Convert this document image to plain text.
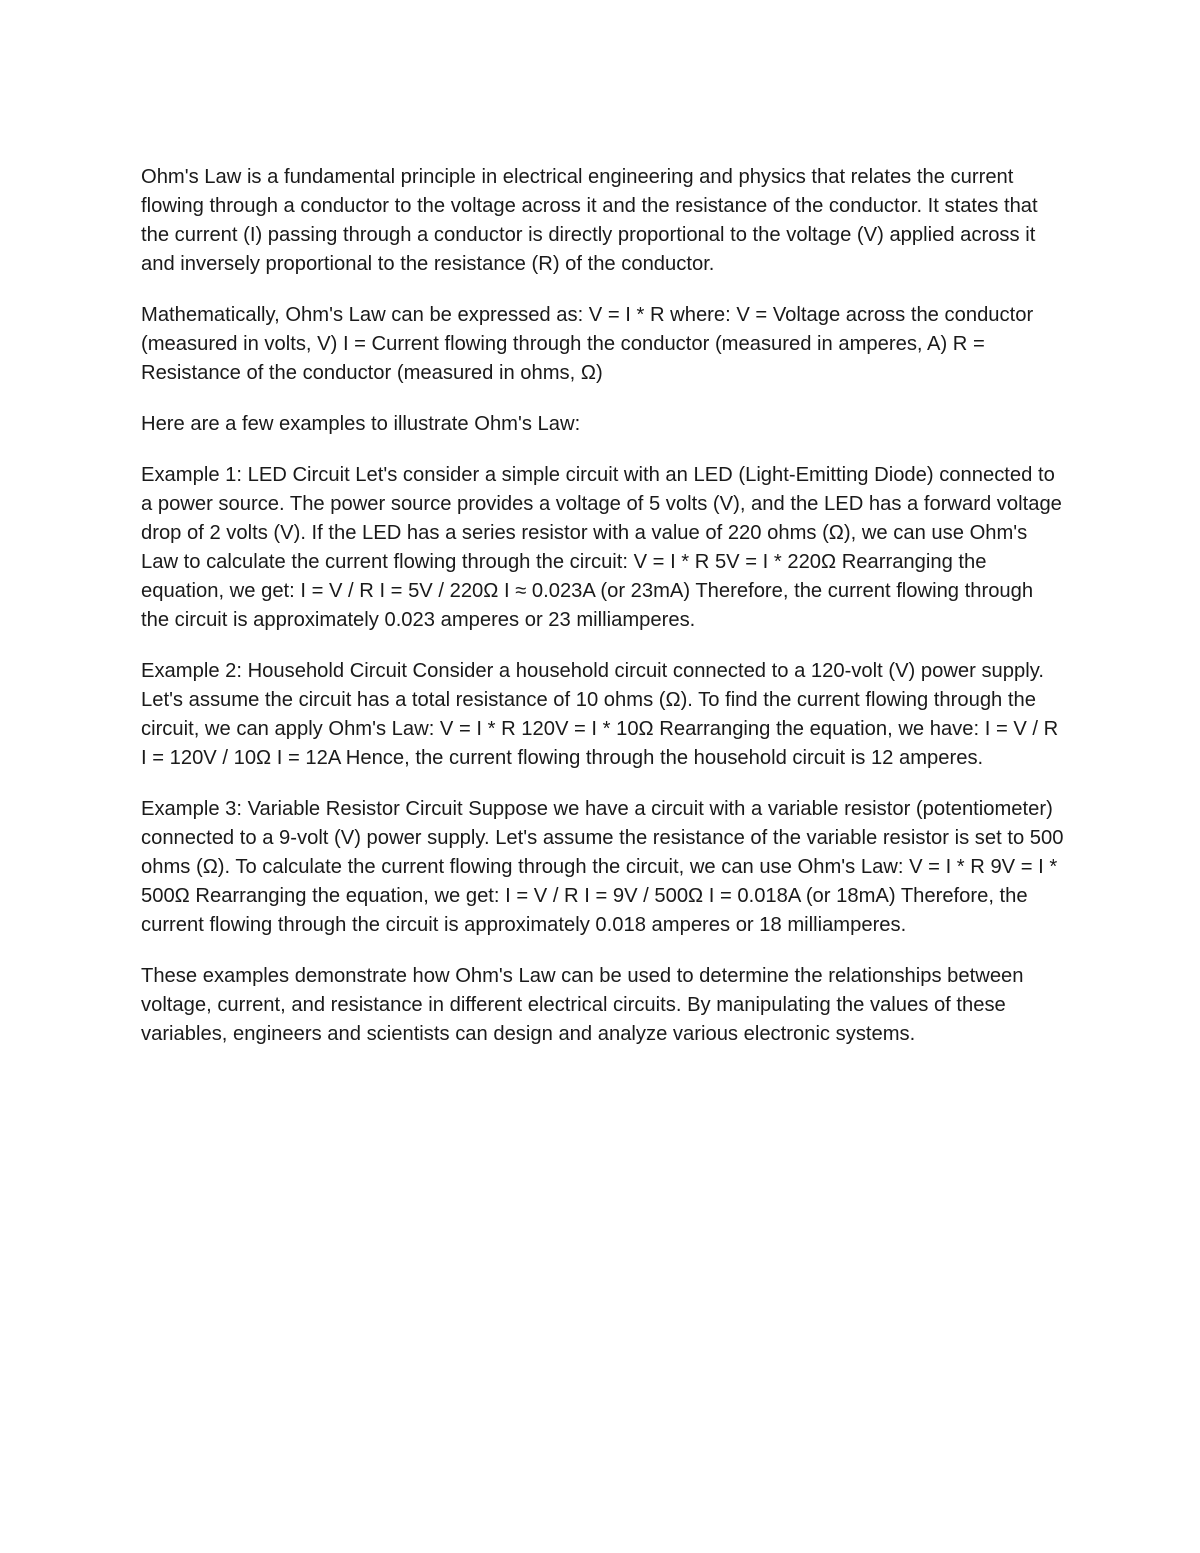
Ohm's Law is a fundamental principle in electrical engineering and physics that relates the current flowing through a conductor to the voltage across it and the resistance of the conductor. It states that the current (I) passing through a conductor is directly proportional to the voltage (V) applied across it and inversely proportional to the resistance (R) of the conductor.

Mathematically, Ohm's Law can be expressed as: V = I * R where: V = Voltage across the conductor (measured in volts, V) I = Current flowing through the conductor (measured in amperes, A) R = Resistance of the conductor (measured in ohms, Ω)

Here are a few examples to illustrate Ohm's Law:

Example 1: LED Circuit Let's consider a simple circuit with an LED (Light-Emitting Diode) connected to a power source. The power source provides a voltage of 5 volts (V), and the LED has a forward voltage drop of 2 volts (V). If the LED has a series resistor with a value of 220 ohms (Ω), we can use Ohm's Law to calculate the current flowing through the circuit: V = I * R 5V = I * 220Ω Rearranging the equation, we get: I = V / R I = 5V / 220Ω I ≈ 0.023A (or 23mA) Therefore, the current flowing through the circuit is approximately 0.023 amperes or 23 milliamperes.

Example 2: Household Circuit Consider a household circuit connected to a 120-volt (V) power supply. Let's assume the circuit has a total resistance of 10 ohms (Ω). To find the current flowing through the circuit, we can apply Ohm's Law: V = I * R 120V = I * 10Ω Rearranging the equation, we have: I = V / R I = 120V / 10Ω I = 12A Hence, the current flowing through the household circuit is 12 amperes.

Example 3: Variable Resistor Circuit Suppose we have a circuit with a variable resistor (potentiometer) connected to a 9-volt (V) power supply. Let's assume the resistance of the variable resistor is set to 500 ohms (Ω). To calculate the current flowing through the circuit, we can use Ohm's Law: V = I * R 9V = I * 500Ω Rearranging the equation, we get: I = V / R I = 9V / 500Ω I = 0.018A (or 18mA) Therefore, the current flowing through the circuit is approximately 0.018 amperes or 18 milliamperes.

These examples demonstrate how Ohm's Law can be used to determine the relationships between voltage, current, and resistance in different electrical circuits. By manipulating the values of these variables, engineers and scientists can design and analyze various electronic systems.
